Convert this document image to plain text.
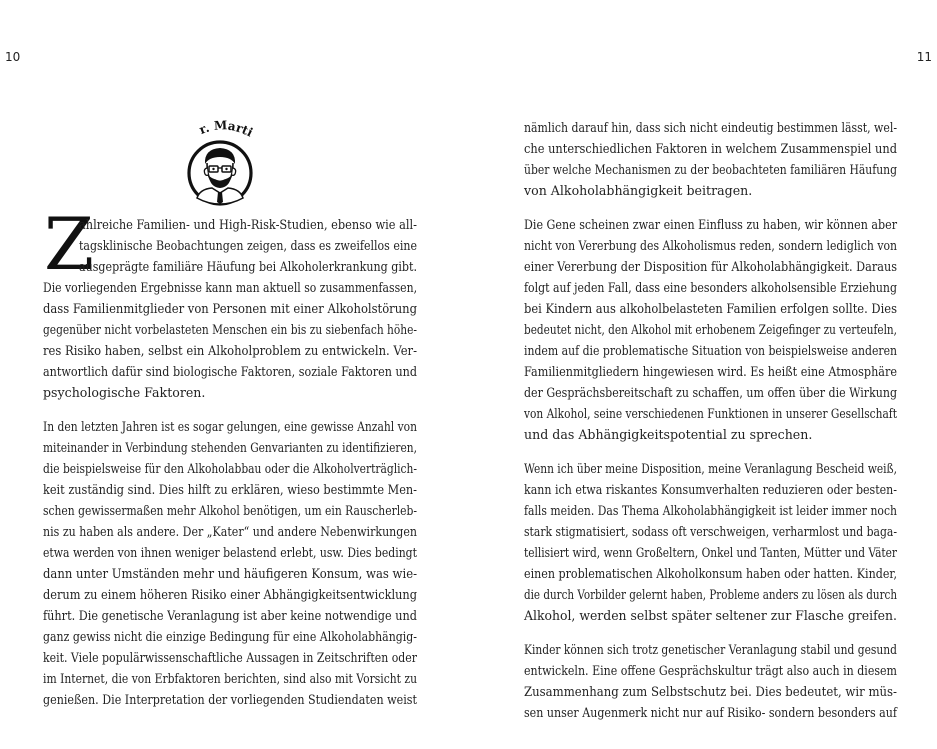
10	11
r. Marti

Z
ahlreiche Familien- und High-Risk-Studien, ebenso wie all-
tagsklinische Beobachtungen zeigen, dass es zweifellos eine
ausgeprägte familiäre Häufung bei Alkoholerkrankung gibt.
Die vorliegenden Ergebnisse kann man aktuell so zusammenfassen,
dass Familienmitglieder von Personen mit einer Alkoholstörung
gegenüber nicht vorbelasteten Menschen ein bis zu siebenfach höhe-
res Risiko haben, selbst ein Alkoholproblem zu entwickeln. Ver-
antwortlich dafür sind biologische Faktoren, soziale Faktoren und
psychologische Faktoren.

In den letzten Jahren ist es sogar gelungen, eine gewisse Anzahl von
miteinander in Verbindung stehenden Genvarianten zu identifizieren,
die beispielsweise für den Alkoholabbau oder die Alkoholverträglich-
keit zuständig sind. Dies hilft zu erklären, wieso bestimmte Men-
schen gewissermaßen mehr Alkohol benötigen, um ein Rauscherleb-
nis zu haben als andere. Der „Kater“ und andere Nebenwirkungen
etwa werden von ihnen weniger belastend erlebt, usw. Dies bedingt
dann unter Umständen mehr und häufigeren Konsum, was wie-
derum zu einem höheren Risiko einer Abhängigkeitsentwicklung
führt. Die genetische Veranlagung ist aber keine notwendige und
ganz gewiss nicht die einzige Bedingung für eine Alkoholabhängig-
keit. Viele populärwissenschaftliche Aussagen in Zeitschriften oder
im Internet, die von Erbfaktoren berichten, sind also mit Vorsicht zu
genießen. Die Interpretation der vorliegenden Studiendaten weist

nämlich darauf hin, dass sich nicht eindeutig bestimmen lässt, wel-
che unterschiedlichen Faktoren in welchem Zusammenspiel und
über welche Mechanismen zu der beobachteten familiären Häufung
von Alkoholabhängigkeit beitragen.

Die Gene scheinen zwar einen Einfluss zu haben, wir können aber
nicht von Vererbung des Alkoholismus reden, sondern lediglich von
einer Vererbung der Disposition für Alkoholabhängigkeit. Daraus
folgt auf jeden Fall, dass eine besonders alkoholsensible Erziehung
bei Kindern aus alkoholbelasteten Familien erfolgen sollte. Dies
bedeutet nicht, den Alkohol mit erhobenem Zeigefinger zu verteufeln,
indem auf die problematische Situation von beispielsweise anderen
Familienmitgliedern hingewiesen wird. Es heißt eine Atmosphäre
der Gesprächsbereitschaft zu schaffen, um offen über die Wirkung
von Alkohol, seine verschiedenen Funktionen in unserer Gesellschaft
und das Abhängigkeitspotential zu sprechen.

Wenn ich über meine Disposition, meine Veranlagung Bescheid weiß,
kann ich etwa riskantes Konsumverhalten reduzieren oder besten-
falls meiden. Das Thema Alkoholabhängigkeit ist leider immer noch
stark stigmatisiert, sodass oft verschweigen, verharmlost und baga-
tellisiert wird, wenn Großeltern, Onkel und Tanten, Mütter und Väter
einen problematischen Alkoholkonsum haben oder hatten. Kinder,
die durch Vorbilder gelernt haben, Probleme anders zu lösen als durch
Alkohol, werden selbst später seltener zur Flasche greifen.

Kinder können sich trotz genetischer Veranlagung stabil und gesund
entwickeln. Eine offene Gesprächskultur trägt also auch in diesem
Zusammenhang zum Selbstschutz bei. Dies bedeutet, wir müs-
sen unser Augenmerk nicht nur auf Risiko- sondern besonders auf
